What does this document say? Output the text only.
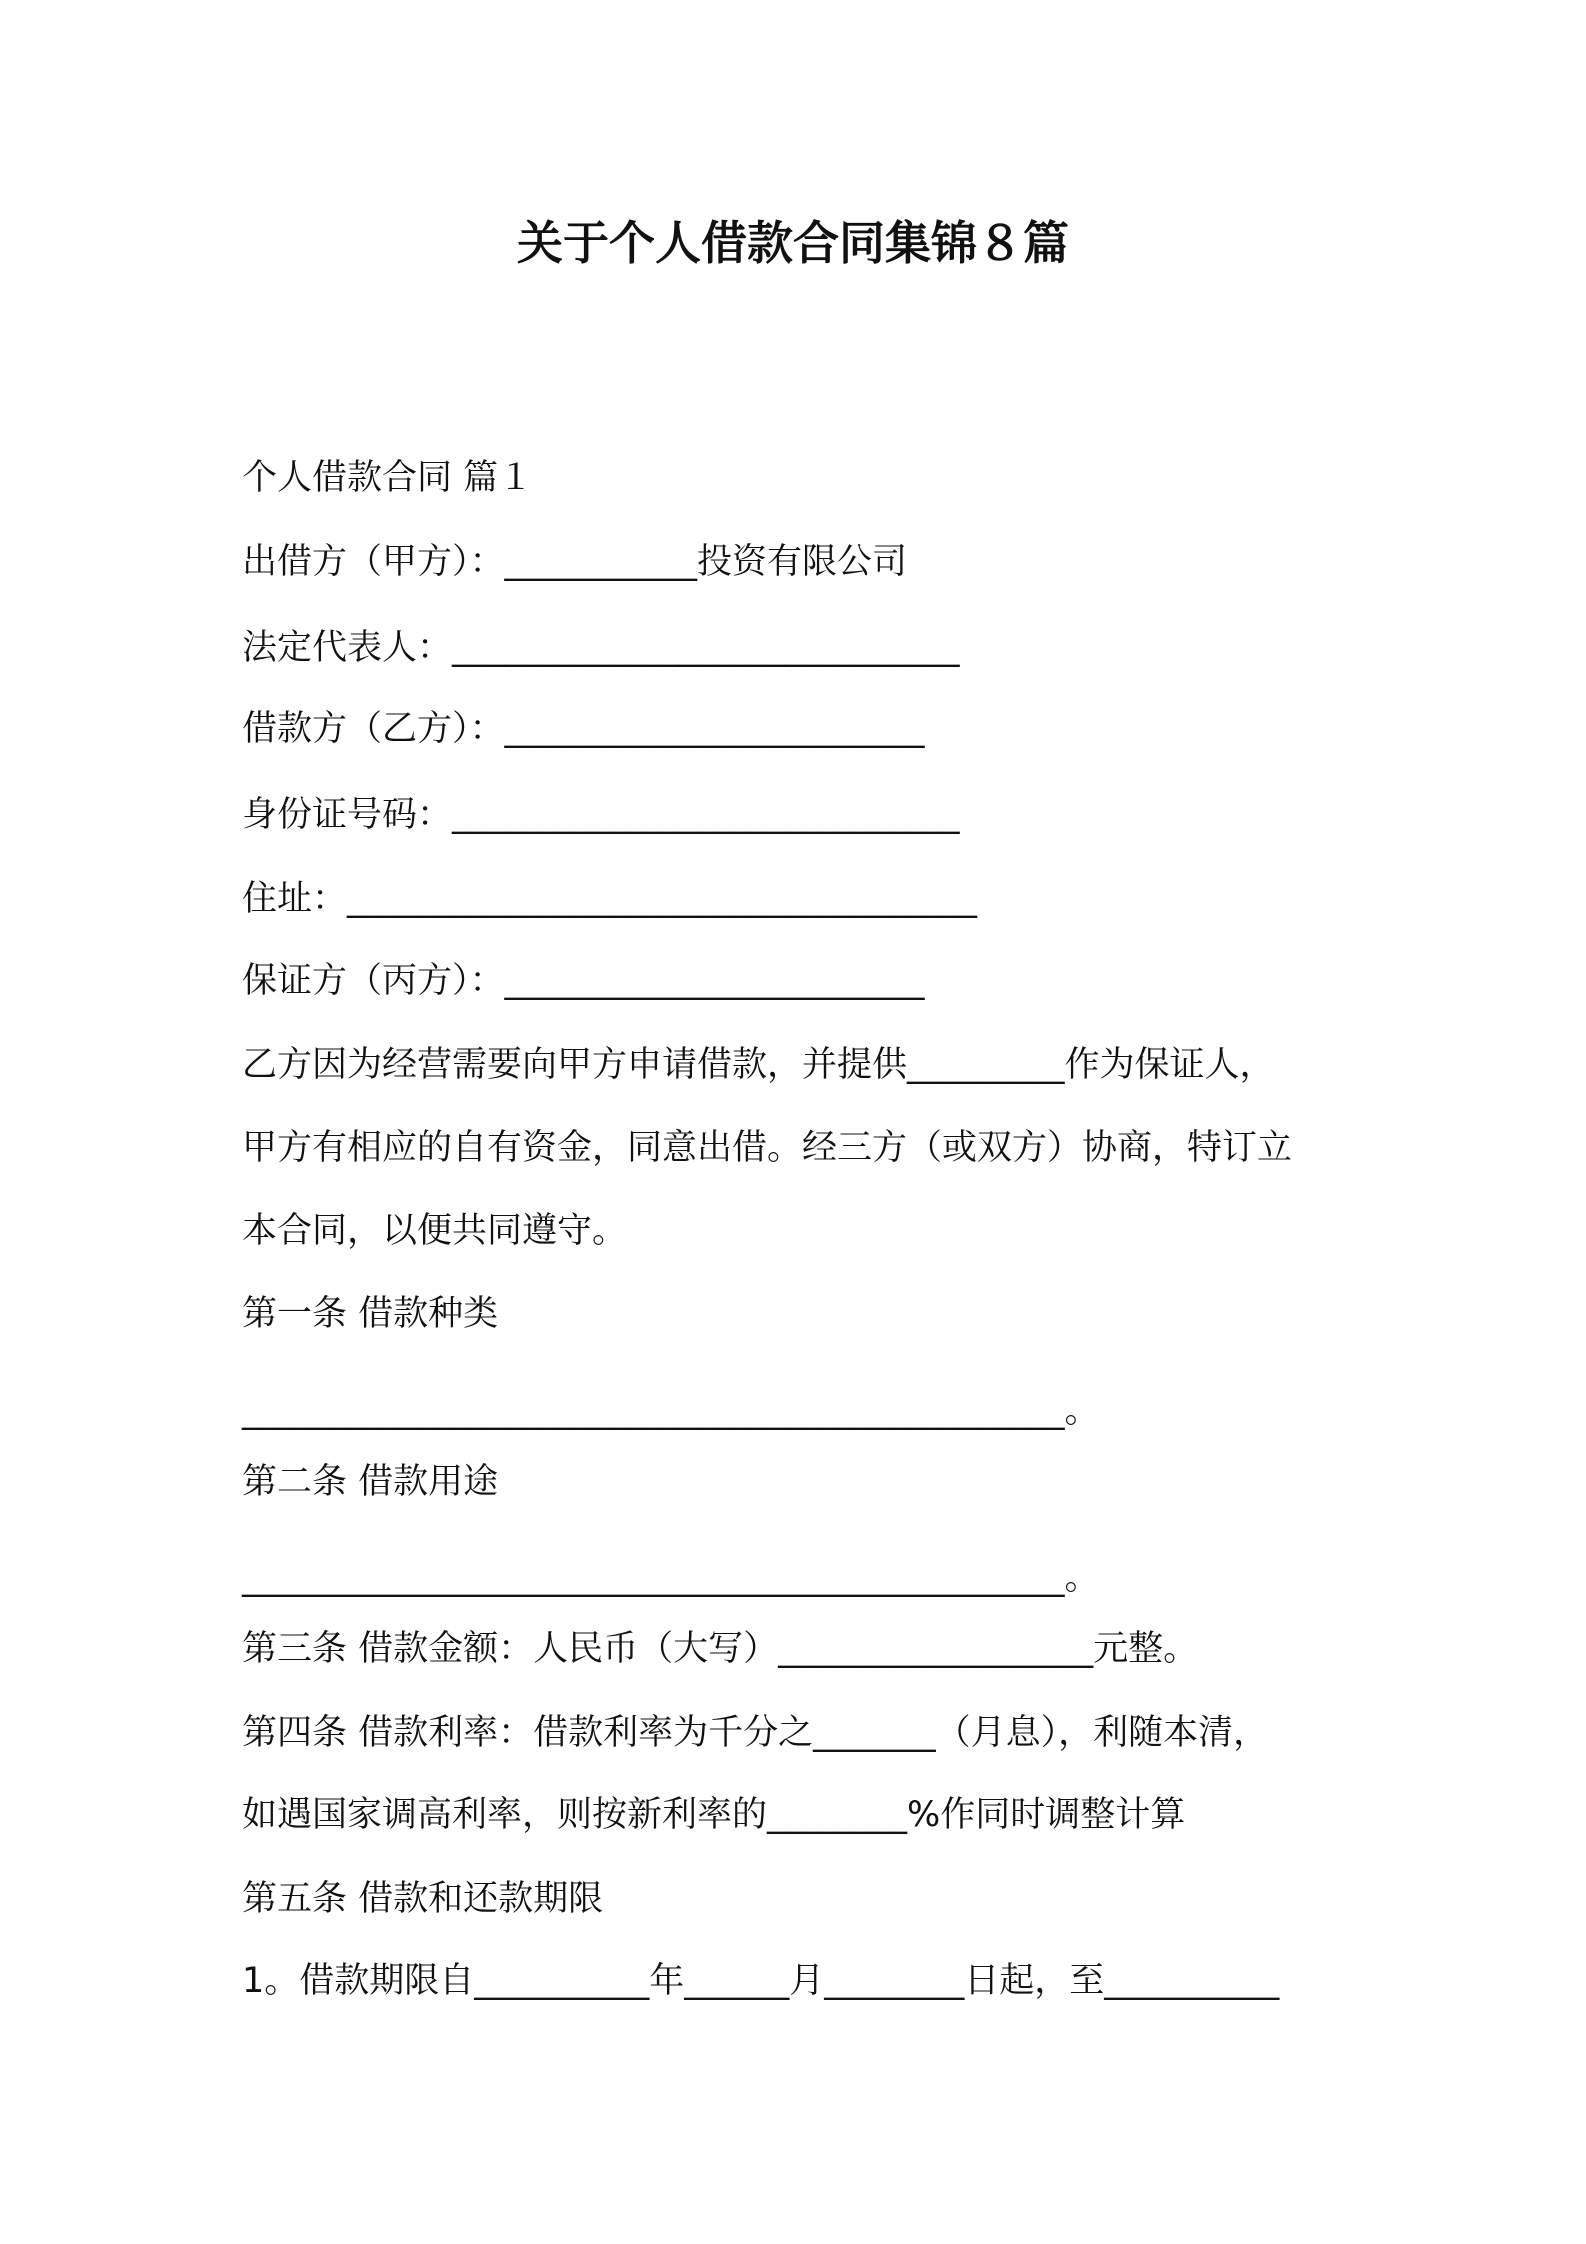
关于个人借款合同集锦８篇
个人借款合同 篇１
出借方（甲方）：___________投资有限公司
法定代表人：_____________________________
借款方（乙方）：________________________
身份证号码：_____________________________
住址：____________________________________
保证方（丙方）：________________________
乙方因为经营需要向甲方申请借款，并提供_________作为保证人，
甲方有相应的自有资金，同意出借。经三方（或双方）协商，特订立
本合同，以便共同遵守。
第一条 借款种类
_______________________________________________。
第二条 借款用途
_______________________________________________。
第三条 借款金额：人民币（大写）__________________元整。
第四条 借款利率：借款利率为千分之_______（月息），利随本清，
如遇国家调高利率，则按新利率的________%作同时调整计算
第五条 借款和还款期限
1。借款期限自__________年______月________日起，至__________
